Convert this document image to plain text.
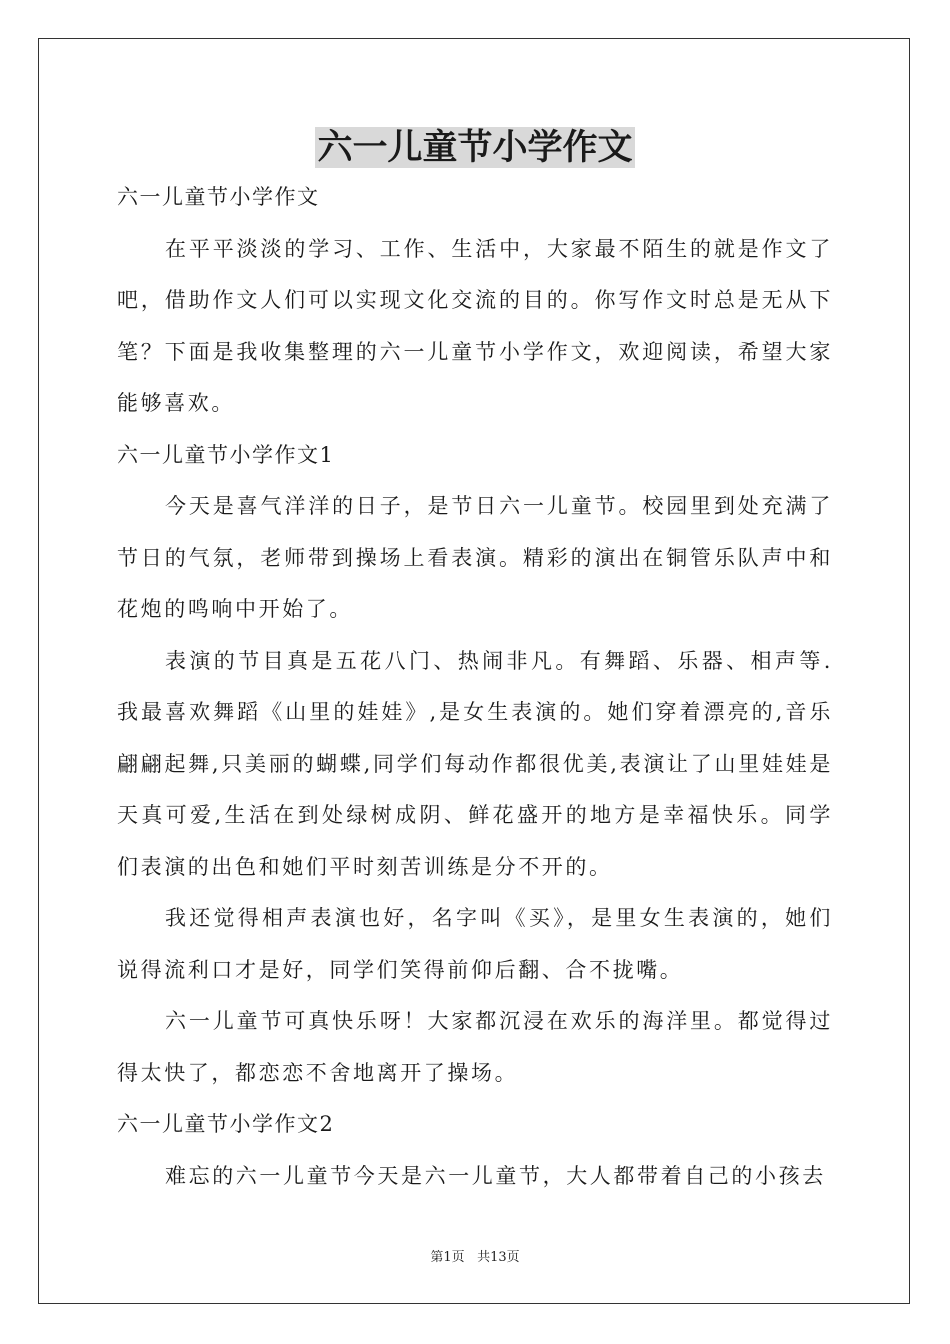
六一儿童节小学作文

六一儿童节小学作文

在平平淡淡的学习、工作、生活中，大家最不陌生的就是作文了吧，借助作文人们可以实现文化交流的目的。你写作文时总是无从下笔？下面是我收集整理的六一儿童节小学作文，欢迎阅读，希望大家能够喜欢。

六一儿童节小学作文1

今天是喜气洋洋的日子，是节日六一儿童节。校园里到处充满了节日的气氛，老师带到操场上看表演。精彩的演出在铜管乐队声中和花炮的鸣响中开始了。

表演的节目真是五花八门、热闹非凡。有舞蹈、乐器、相声等.我最喜欢舞蹈《山里的娃娃》,是女生表演的。她们穿着漂亮的,音乐翩翩起舞,只美丽的蝴蝶,同学们每动作都很优美,表演让了山里娃娃是天真可爱,生活在到处绿树成阴、鲜花盛开的地方是幸福快乐。同学们表演的出色和她们平时刻苦训练是分不开的。

我还觉得相声表演也好，名字叫《买》，是里女生表演的，她们说得流利口才是好，同学们笑得前仰后翻、合不拢嘴。

六一儿童节可真快乐呀！大家都沉浸在欢乐的海洋里。都觉得过得太快了，都恋恋不舍地离开了操场。

六一儿童节小学作文2

难忘的六一儿童节今天是六一儿童节，大人都带着自己的小孩去

第1页 共13页
